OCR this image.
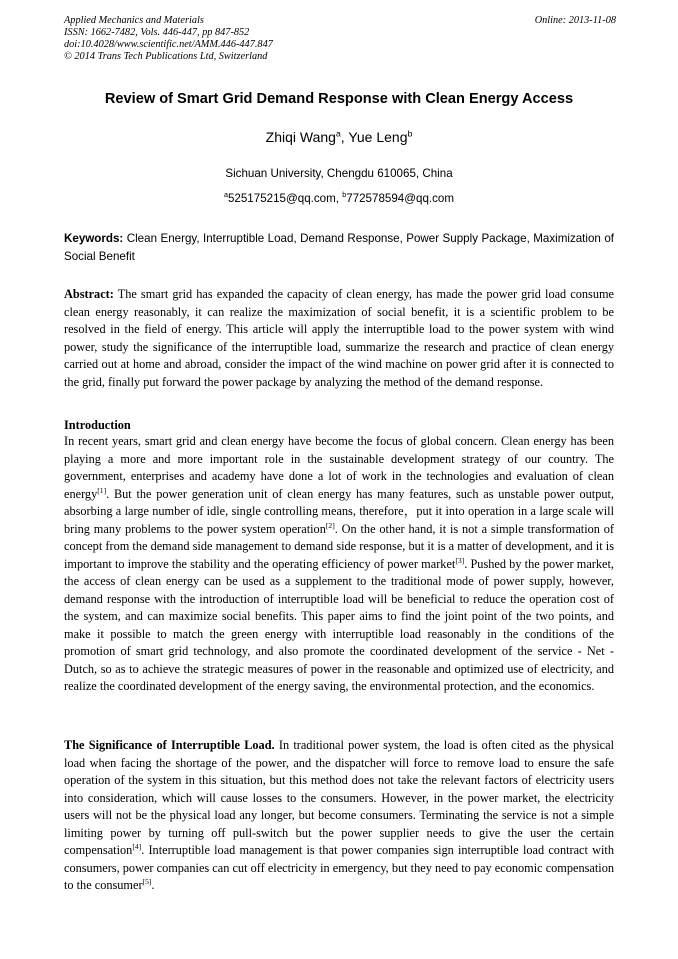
Applied Mechanics and Materials
ISSN: 1662-7482, Vols. 446-447, pp 847-852
doi:10.4028/www.scientific.net/AMM.446-447.847
© 2014 Trans Tech Publications Ltd, Switzerland
Online: 2013-11-08
Review of Smart Grid Demand Response with Clean Energy Access
Zhiqi Wang$^a$, Yue Leng$^b$
Sichuan University, Chengdu 610065, China
$^a$525175215@qq.com, $^b$772578594@qq.com
Keywords: Clean Energy, Interruptible Load, Demand Response, Power Supply Package, Maximization of Social Benefit
Abstract: The smart grid has expanded the capacity of clean energy, has made the power grid load consume clean energy reasonably, it can realize the maximization of social benefit, it is a scientific problem to be resolved in the field of energy. This article will apply the interruptible load to the power system with wind power, study the significance of the interruptible load, summarize the research and practice of clean energy carried out at home and abroad, consider the impact of the wind machine on power grid after it is connected to the grid, finally put forward the power package by analyzing the method of the demand response.
Introduction
In recent years, smart grid and clean energy have become the focus of global concern. Clean energy has been playing a more and more important role in the sustainable development strategy of our country. The government, enterprises and academy have done a lot of work in the technologies and evaluation of clean energy[1]. But the power generation unit of clean energy has many features, such as unstable power output, absorbing a large number of idle, single controlling means, therefore，put it into operation in a large scale will bring many problems to the power system operation[2]. On the other hand, it is not a simple transformation of concept from the demand side management to demand side response, but it is a matter of development, and it is important to improve the stability and the operating efficiency of power market[3]. Pushed by the power market, the access of clean energy can be used as a supplement to the traditional mode of power supply, however, demand response with the introduction of interruptible load will be beneficial to reduce the operation cost of the system, and can maximize social benefits. This paper aims to find the joint point of the two points, and make it possible to match the green energy with interruptible load reasonably in the conditions of the promotion of smart grid technology, and also promote the coordinated development of the service - Net - Dutch, so as to achieve the strategic measures of power in the reasonable and optimized use of electricity, and realize the coordinated development of the energy saving, the environmental protection, and the economics.
The Significance of Interruptible Load. In traditional power system, the load is often cited as the physical load when facing the shortage of the power, and the dispatcher will force to remove load to ensure the safe operation of the system in this situation, but this method does not take the relevant factors of electricity users into consideration, which will cause losses to the consumers. However, in the power market, the electricity users will not be the physical load any longer, but become consumers. Terminating the service is not a simple limiting power by turning off pull-switch but the power supplier needs to give the user the certain compensation[4]. Interruptible load management is that power companies sign interruptible load contract with consumers, power companies can cut off electricity in emergency, but they need to pay economic compensation to the consumer[5].
